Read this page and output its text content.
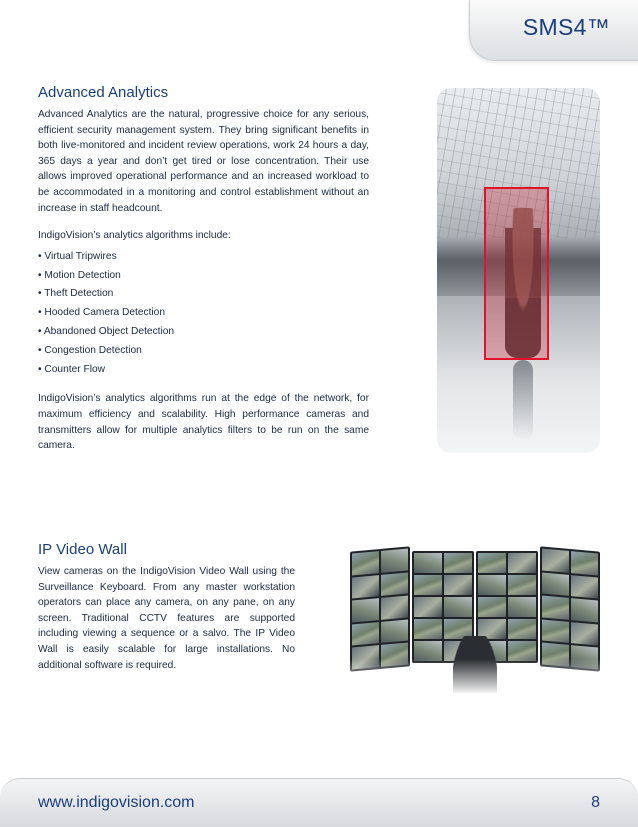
SMS4™
Advanced Analytics

Advanced Analytics are the natural, progressive choice for any serious, efficient security management system. They bring significant benefits in both live-monitored and incident review operations, work 24 hours a day, 365 days a year and don’t get tired or lose concentration. Their use allows improved operational performance and an increased workload to be accommodated in a monitoring and control establishment without an increase in staff headcount.

IndigoVision’s analytics algorithms include:

• Virtual Tripwires
• Motion Detection
• Theft Detection
• Hooded Camera Detection
• Abandoned Object Detection
• Congestion Detection
• Counter Flow

IndigoVision’s analytics algorithms run at the edge of the network, for maximum efficiency and scalability. High performance cameras and transmitters allow for multiple analytics filters to be run on the same camera.

IP Video Wall

View cameras on the IndigoVision Video Wall using the Surveillance Keyboard. From any master workstation operators can place any camera, on any pane, on any screen. Traditional CCTV features are supported including viewing a sequence or a salvo. The IP Video Wall is easily scalable for large installations. No additional software is required.

www.indigovision.com	8
